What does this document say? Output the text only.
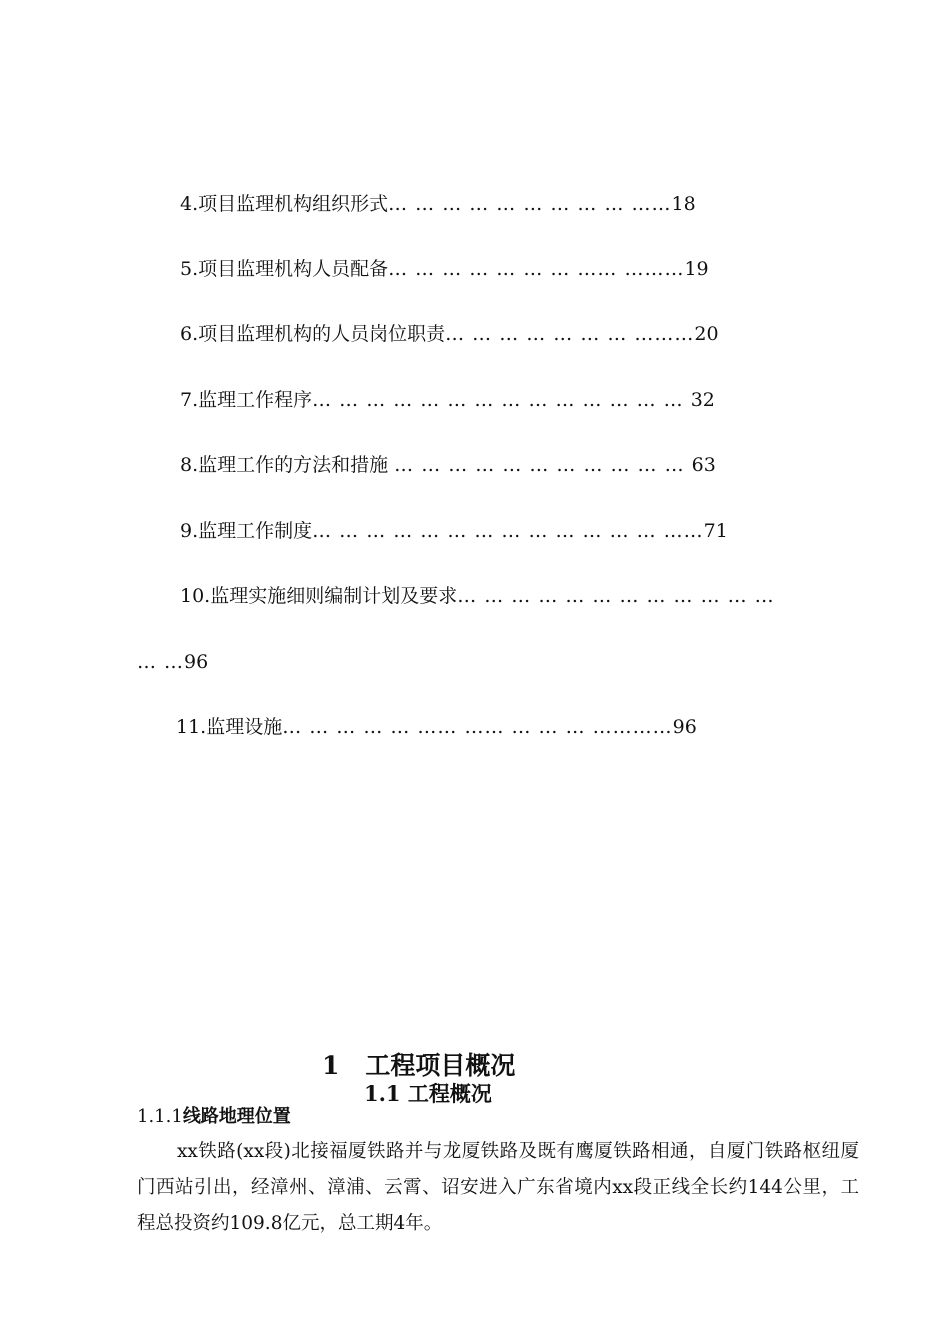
4.项目监理机构组织形式… … … … … … … … … ……18
5.项目监理机构人员配备… … … … … … … …… ………19
6.项目监理机构的人员岗位职责… … … … … … … ………20
7.监理工作程序… … … … … … … … … … … … … … 32
8.监理工作的方法和措施 … … … … … … … … … … … 63
9.监理工作制度… … … … … … … … … … … … … ……71
10.监理实施细则编制计划及要求… … … … … … … … … … … …
… …96
11.监理设施… … … … … …… …… … … … …………96
1 工程项目概况
1.1 工程概况
1.1.1线路地理位置
xx铁路(xx段)北接福厦铁路并与龙厦铁路及既有鹰厦铁路相通，自厦门铁路枢纽厦门西站引出，经漳州、漳浦、云霄、诏安进入广东省境内xx段正线全长约144公里，工程总投资约109.8亿元，总工期4年。
